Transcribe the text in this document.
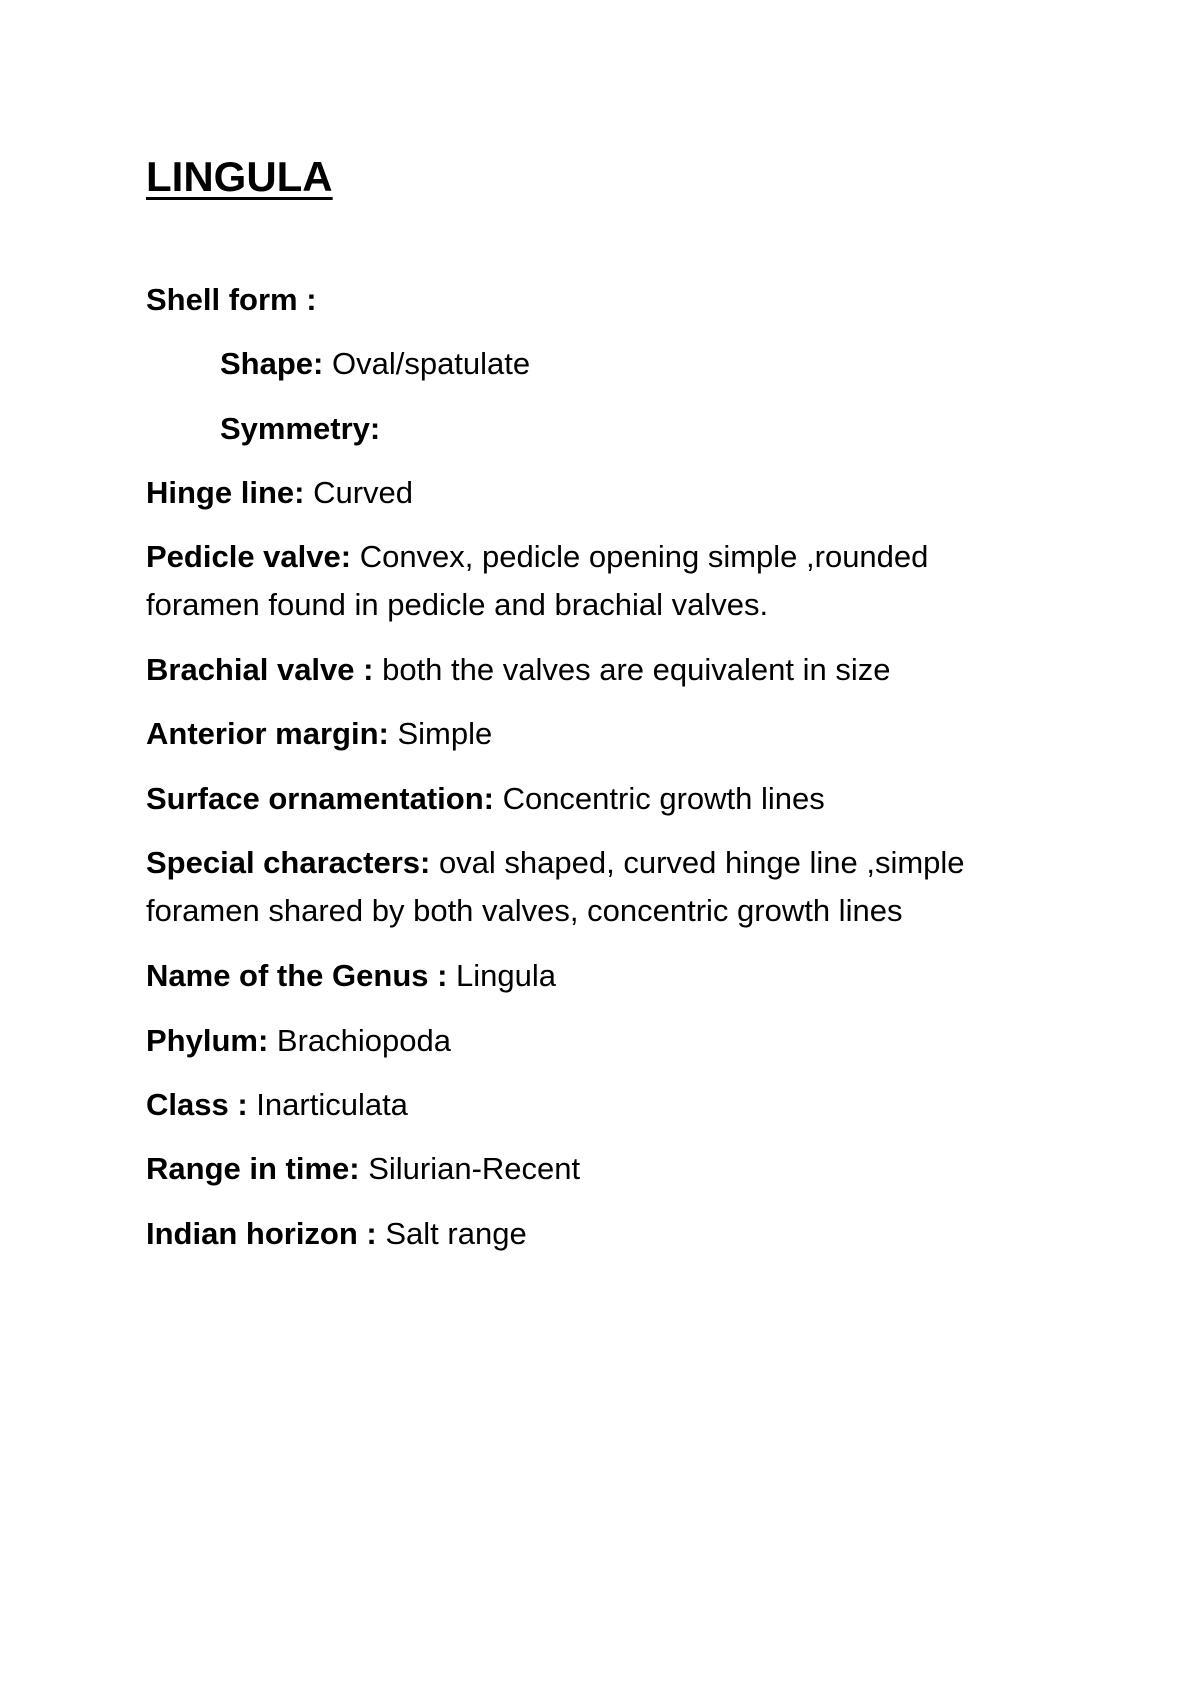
LINGULA

Shell form :

Shape: Oval/spatulate

Symmetry:

Hinge line: Curved

Pedicle valve: Convex, pedicle opening simple ,rounded
foramen found in pedicle and brachial valves.

Brachial valve : both the valves are equivalent in size

Anterior margin: Simple

Surface ornamentation: Concentric growth lines

Special characters: oval shaped, curved hinge line ,simple
foramen shared by both valves, concentric growth lines

Name of the Genus : Lingula

Phylum: Brachiopoda

Class : Inarticulata

Range in time: Silurian-Recent

Indian horizon : Salt range
